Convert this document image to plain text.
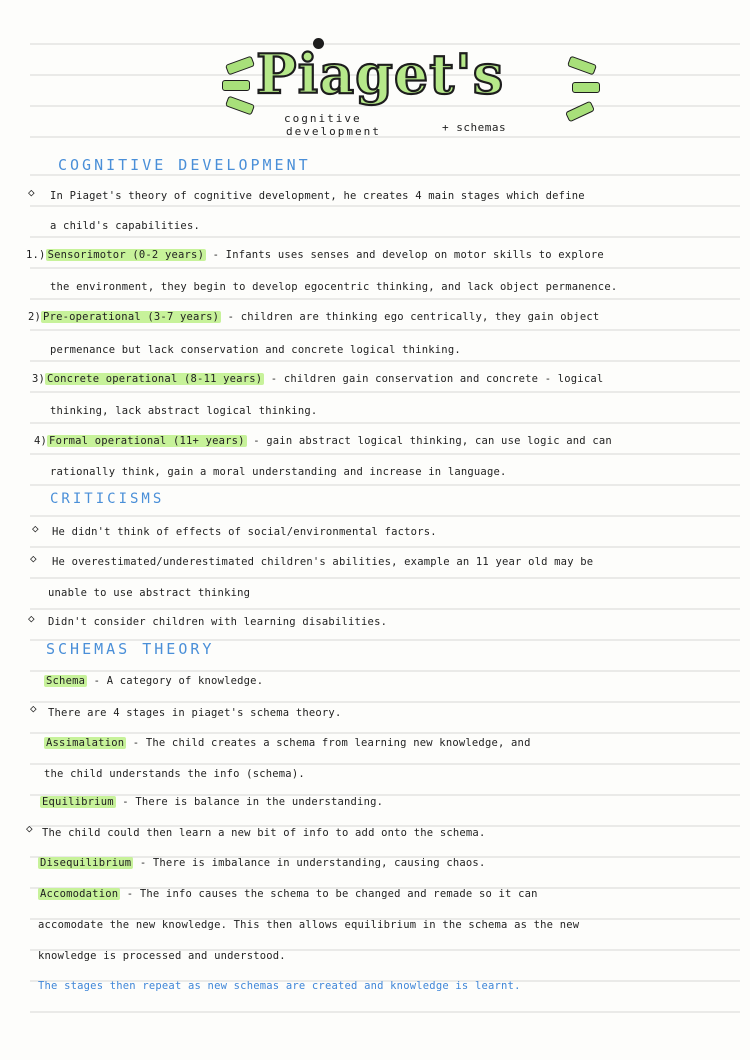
Piaget's
cognitive
development	+ schemas
COGNITIVE DEVELOPMENT
◇ In Piaget's theory of cognitive development, he creates 4 main stages which define
a child's capabilities.
1.) Sensorimotor (0-2 years) - Infants uses senses and develop on motor skills to explore
the environment, they begin to develop egocentric thinking, and lack object permanence.
2) Pre-operational (3-7 years) - children are thinking ego centrically, they gain object
permenance but lack conservation and concrete logical thinking.
3) Concrete operational (8-11 years) - children gain conservation and concrete - logical
thinking, lack abstract logical thinking.
4) Formal operational (11+ years) - gain abstract logical thinking, can use logic and can
rationally think, gain a moral understanding and increase in language.
CRITICISMS
◇ He didn't think of effects of social/environmental factors.
◇ He overestimated/underestimated children's abilities, example an 11 year old may be
unable to use abstract thinking
◇ Didn't consider children with learning disabilities.
SCHEMAS THEORY
Schema - A category of knowledge.
◇ There are 4 stages in piaget's schema theory.
Assimalation - The child creates a schema from learning new knowledge, and
the child understands the info (schema).
Equilibrium - There is balance in the understanding.
◇ The child could then learn a new bit of info to add onto the schema.
Disequilibrium - There is imbalance in understanding, causing chaos.
Accomodation - The info causes the schema to be changed and remade so it can
accomodate the new knowledge. This then allows equilibrium in the schema as the new
knowledge is processed and understood.
The stages then repeat as new schemas are created and knowledge is learnt.
